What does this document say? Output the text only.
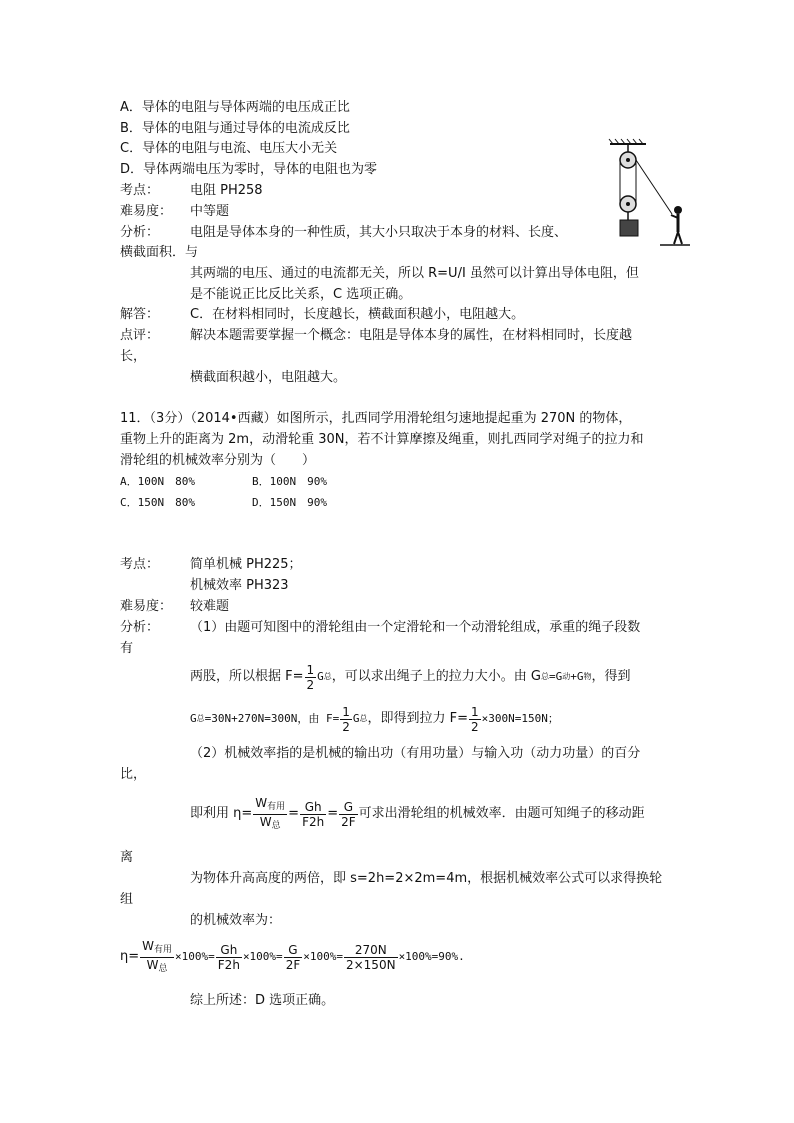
A．导体的电阻与导体两端的电压成正比
B．导体的电阻与通过导体的电流成反比
C．导体的电阻与电流、电压大小无关
D．导体两端电压为零时，导体的电阻也为零
考点： 电阻 PH258
难易度： 中等题
分析： 电阻是导体本身的一种性质，其大小只取决于本身的材料、长度、
横截面积．与
其两端的电压、通过的电流都无关，所以 R=U/I 虽然可以计算出导体电阻，但
是不能说正比反比关系，C 选项正确。
解答： C．在材料相同时，长度越长，横截面积越小，电阻越大。
点评： 解决本题需要掌握一个概念：电阻是导体本身的属性，在材料相同时，长度越
长，
横截面积越小，电阻越大。
11．（3分）（2014•西藏）如图所示，扎西同学用滑轮组匀速地提起重为 270N 的物体，
重物上升的距离为 2m，动滑轮重 30N，若不计算摩擦及绳重，则扎西同学对绳子的拉力和
滑轮组的机械效率分别为（　　）
A．100N　80%	B．100N　90%
C．150N　80%	D．150N　90%
考点： 简单机械 PH225；
机械效率 PH323
难易度： 较难题
分析： （1）由题可知图中的滑轮组由一个定滑轮和一个动滑轮组成，承重的绳子段数
有
两股，所以根据 $F= \frac{1}{2}$ G 总 ，可以求出绳子上的拉力大小。由 G 总 =G 动 +G 物 ，得到
G 总 =30N+270N=300N，由 $F= \frac{1}{2}$ G 总 ，即得到拉力 $F= \frac{1}{2} \times 300N=150N$；
（2）机械效率指的是机械的输出功（有用功量）与输入功（动力功量）的百分
比，
即利用 $\eta= \frac{\text{W有用}}{\text{W总}} = \frac{Gh}{F2h} = \frac{G}{2F}$ 可求出滑轮组的机械效率．由题可知绳子的移动距
离
为物体升高高度的两倍，即 s=2h=2×2m=4m，根据机械效率公式可以求得换轮
组
的机械效率为：
$\eta= \frac{\text{W有用}}{\text{W总}} \times 100\%= \frac{Gh}{F2h} \times 100\%= \frac{G}{2F} \times 100\%= \frac{270N}{2\times 150N} \times 100\%=90\%$.
综上所述：D 选项正确。
